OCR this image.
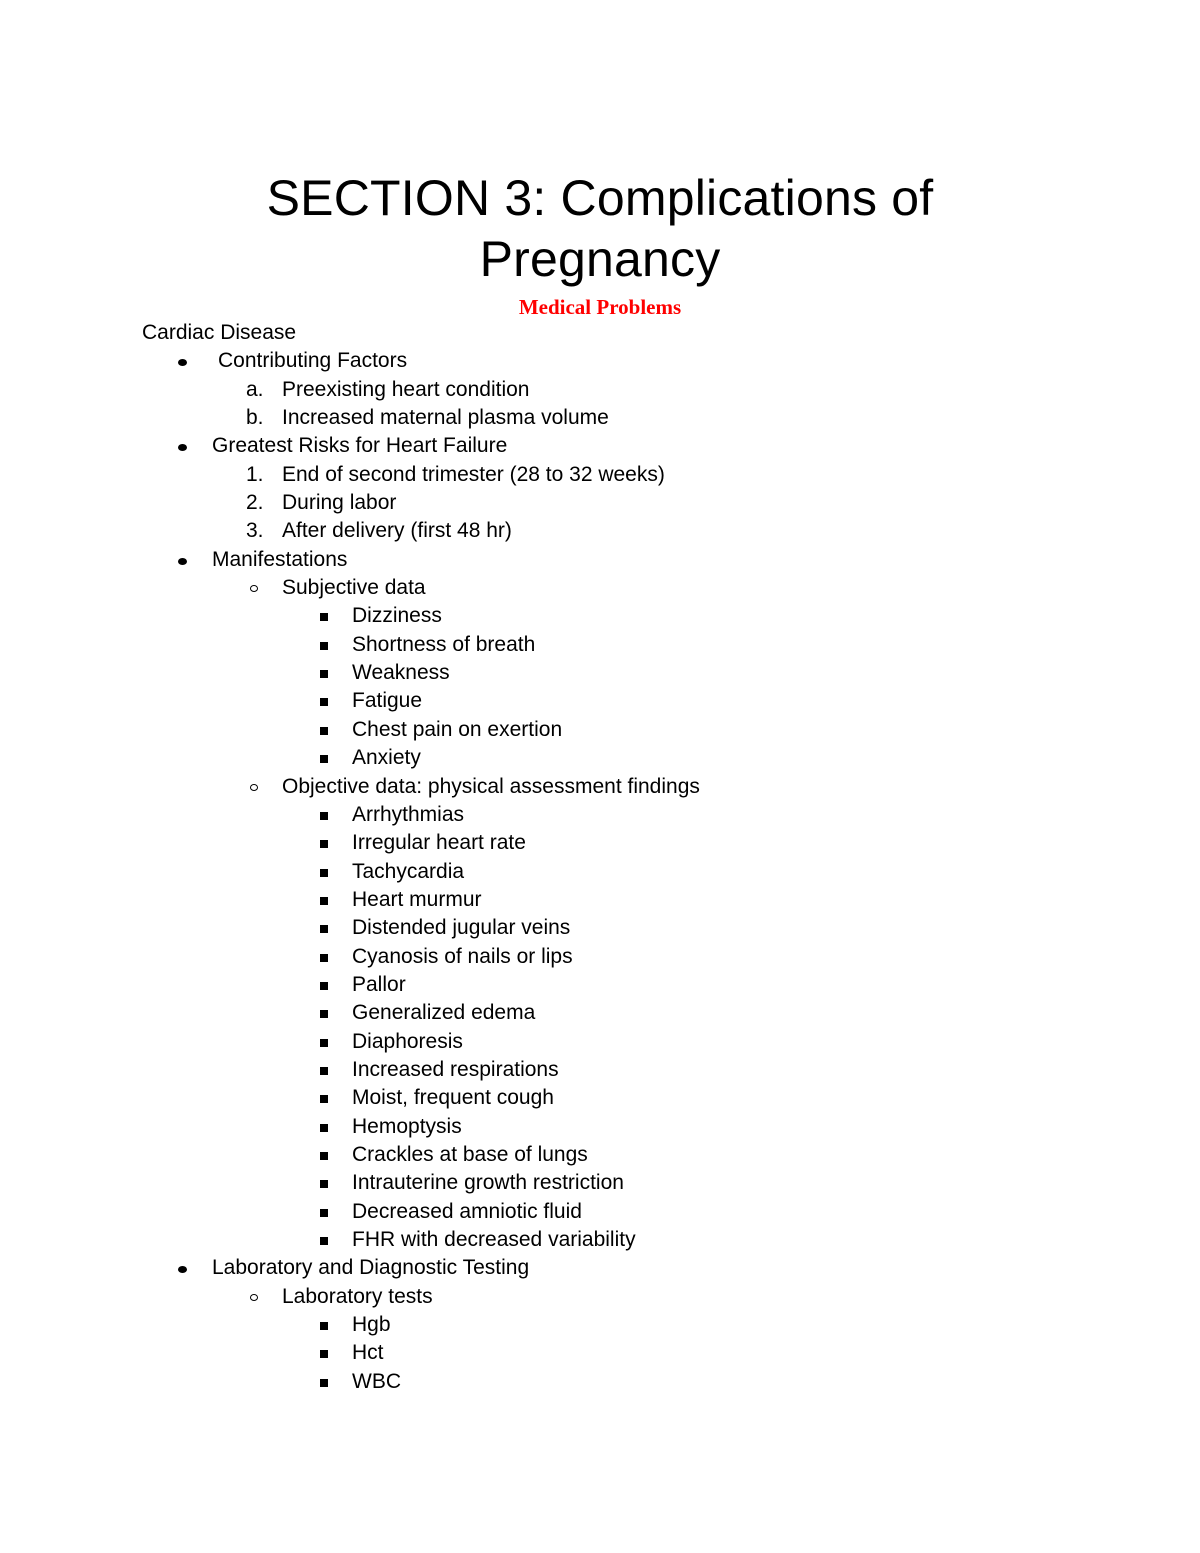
SECTION 3: Complications of
Pregnancy
Medical Problems
Cardiac Disease
Contributing Factors
a. Preexisting heart condition
b. Increased maternal plasma volume
Greatest Risks for Heart Failure
1. End of second trimester (28 to 32 weeks)
2. During labor
3. After delivery (first 48 hr)
Manifestations
Subjective data
Dizziness
Shortness of breath
Weakness
Fatigue
Chest pain on exertion
Anxiety
Objective data: physical assessment findings
Arrhythmias
Irregular heart rate
Tachycardia
Heart murmur
Distended jugular veins
Cyanosis of nails or lips
Pallor
Generalized edema
Diaphoresis
Increased respirations
Moist, frequent cough
Hemoptysis
Crackles at base of lungs
Intrauterine growth restriction
Decreased amniotic fluid
FHR with decreased variability
Laboratory and Diagnostic Testing
Laboratory tests
Hgb
Hct
WBC
